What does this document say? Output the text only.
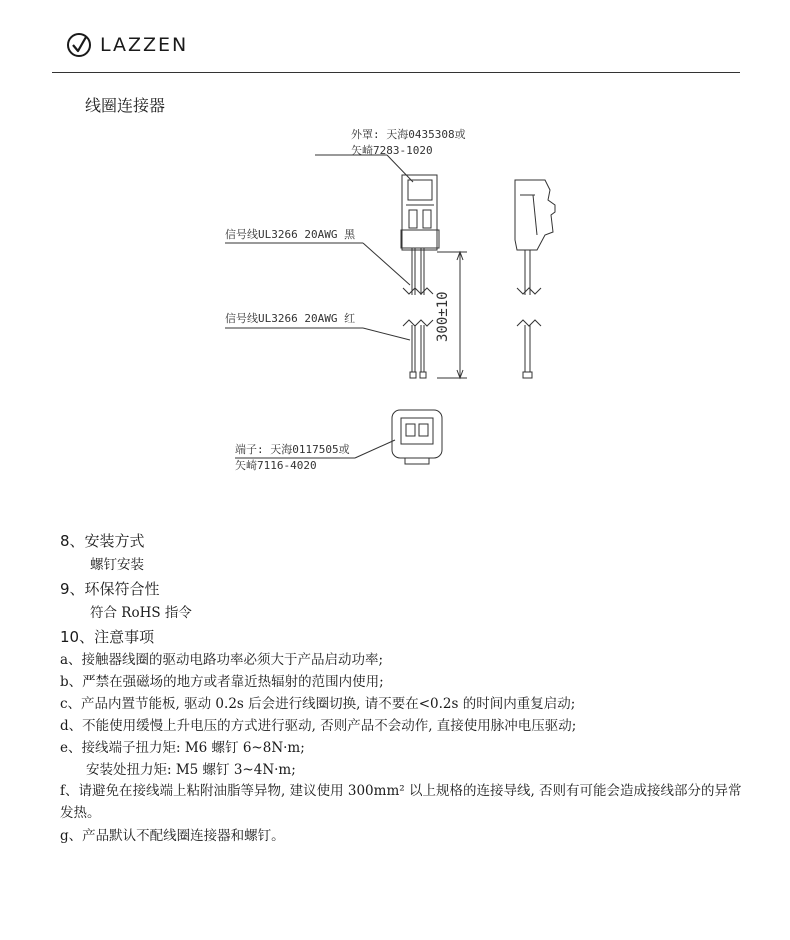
LAZZEN
线圈连接器
外罩: 天海0435308或
矢崎7283-1020
信号线UL3266 20AWG 黑
信号线UL3266 20AWG 红	300±10
端子: 天海0117505或
矢崎7116-4020
8、安装方式
螺钉安装
9、环保符合性
符合 RoHS 指令
10、注意事项
a、接触器线圈的驱动电路功率必须大于产品启动功率;
b、严禁在强磁场的地方或者靠近热辐射的范围内使用;
c、产品内置节能板, 驱动 0.2s 后会进行线圈切换, 请不要在<0.2s 的时间内重复启动;
d、不能使用缓慢上升电压的方式进行驱动, 否则产品不会动作, 直接使用脉冲电压驱动;
e、接线端子扭力矩: M6 螺钉 6~8N·m;
安装处扭力矩: M5 螺钉 3~4N·m;
f、请避免在接线端上粘附油脂等异物, 建议使用 300mm² 以上规格的连接导线, 否则有可能会造成接线部分的异常发热。
g、产品默认不配线圈连接器和螺钉。
